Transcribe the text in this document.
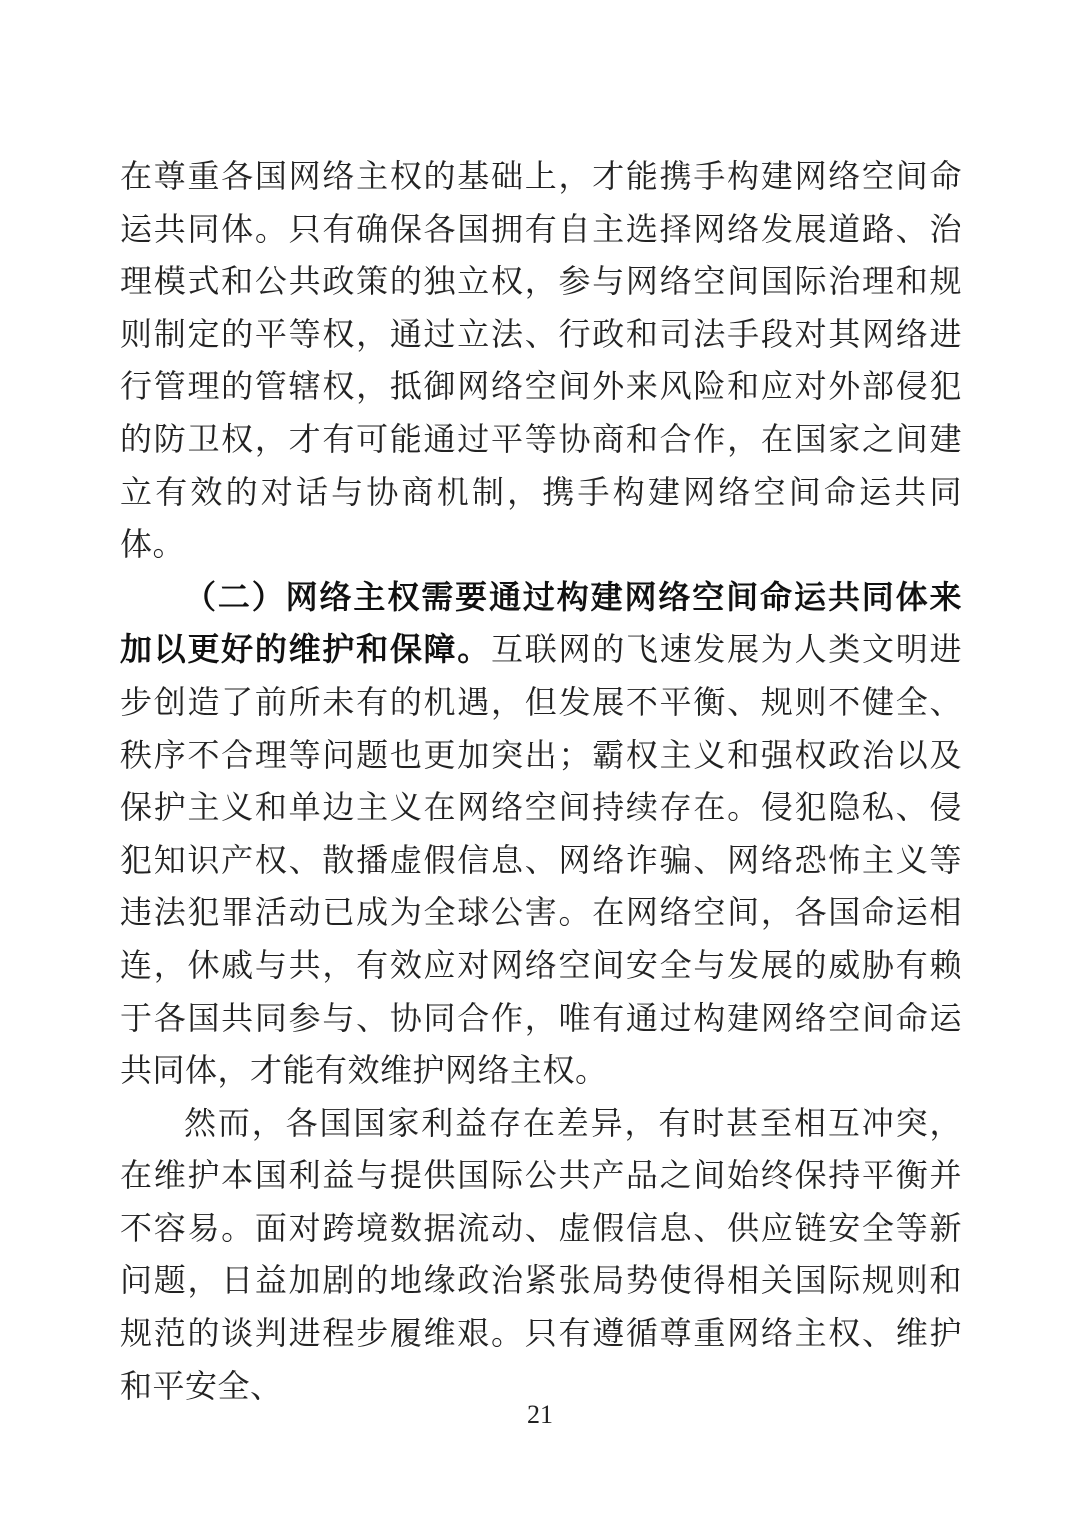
在尊重各国网络主权的基础上，才能携手构建网络空间命运共同体。只有确保各国拥有自主选择网络发展道路、治理模式和公共政策的独立权，参与网络空间国际治理和规则制定的平等权，通过立法、行政和司法手段对其网络进行管理的管辖权，抵御网络空间外来风险和应对外部侵犯的防卫权，才有可能通过平等协商和合作，在国家之间建立有效的对话与协商机制，携手构建网络空间命运共同体。

（二）网络主权需要通过构建网络空间命运共同体来加以更好的维护和保障。互联网的飞速发展为人类文明进步创造了前所未有的机遇，但发展不平衡、规则不健全、秩序不合理等问题也更加突出；霸权主义和强权政治以及保护主义和单边主义在网络空间持续存在。侵犯隐私、侵犯知识产权、散播虚假信息、网络诈骗、网络恐怖主义等违法犯罪活动已成为全球公害。在网络空间，各国命运相连，休戚与共，有效应对网络空间安全与发展的威胁有赖于各国共同参与、协同合作，唯有通过构建网络空间命运共同体，才能有效维护网络主权。

然而，各国国家利益存在差异，有时甚至相互冲突，在维护本国利益与提供国际公共产品之间始终保持平衡并不容易。面对跨境数据流动、虚假信息、供应链安全等新问题，日益加剧的地缘政治紧张局势使得相关国际规则和规范的谈判进程步履维艰。只有遵循尊重网络主权、维护和平安全、

21
